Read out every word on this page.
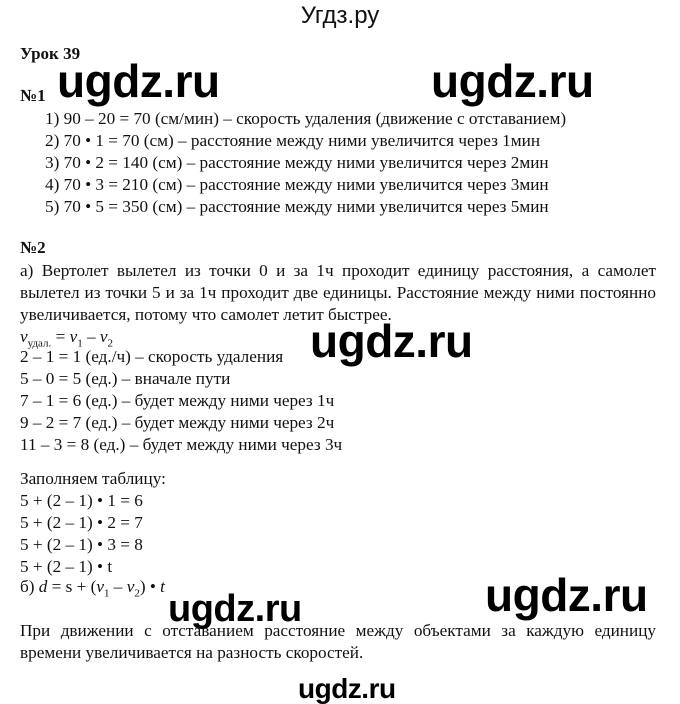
Угдз.ру
Урок 39
№1
1) 90 – 20 = 70 (см/мин) – скорость удаления (движение с отставанием)
2) 70 • 1 = 70 (см) – расстояние между ними увеличится через 1мин
3) 70 • 2 = 140 (см) – расстояние между ними увеличится через 2мин
4) 70 • 3 = 210 (см) – расстояние между ними увеличится через 3мин
5) 70 • 5 = 350 (см) – расстояние между ними увеличится через 5мин
№2
а) Вертолет вылетел из точки 0 и за 1ч проходит единицу расстояния, а самолет вылетел из точки 5 и за 1ч проходит две единицы. Расстояние между ними постоянно увеличивается, потому что самолет летит быстрее.
$v_{удал.} = v_1 - v_2$
2 – 1 = 1 (ед./ч) – скорость удаления
5 – 0 = 5 (ед.) – вначале пути
7 – 1 = 6 (ед.) – будет между ними через 1ч
9 – 2 = 7 (ед.) – будет между ними через 2ч
11 – 3 = 8 (ед.) – будет между ними через 3ч
Заполняем таблицу:
5 + (2 – 1) • 1 = 6
5 + (2 – 1) • 2 = 7
5 + (2 – 1) • 3 = 8
5 + (2 – 1) • t
б) $d = s + (v_1 - v_2)$ • t
При движении с отставанием расстояние между объектами за каждую единицу времени увеличивается на разность скоростей.
ugdz.ru	ugdz.ru
ugdz.ru
ugdz.ru
ugdz.ru
ugdz.ru
